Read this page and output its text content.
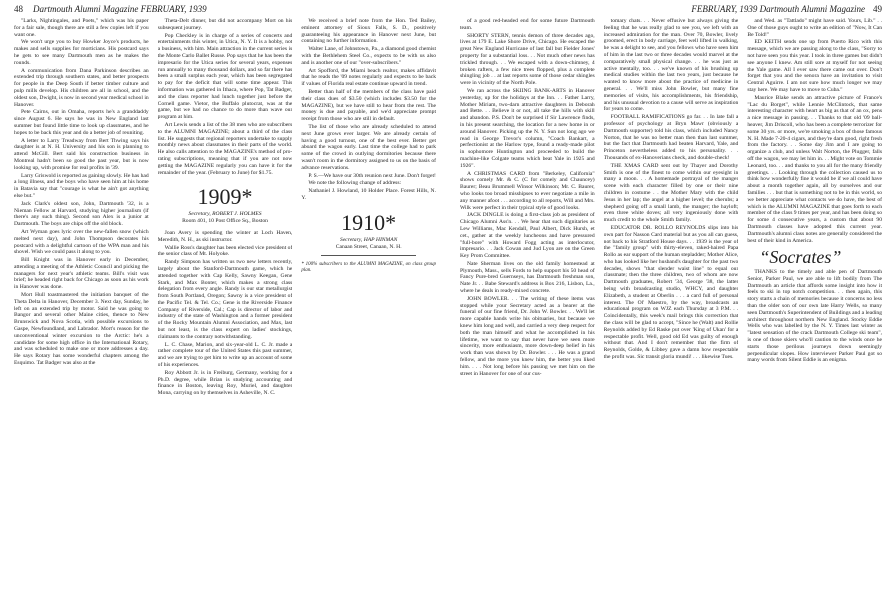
48 Dartmouth Alumni Magazine FEBRUARY, 1939

"Larks, Nightingales, and Poets," which was his paper for a fair sale, though there are still a few copies left if you want one.

We won't urge you to buy Howker Joyce's products, he makes and sells supplies for morticians. His postcard says he gets to see many Dartmouth men as he makes the rounds.

A communication from Dana Parkinson describes an extended trip through southern states, and better prospects for people in the Deep South if better timber culture and pulp mills develop. His children are all in school, and the oldest son, Dwight, is now in second year medical school in Hanover.

Pete Cairns, out in Omaha, reports he's a granddaddy since August 6. He says he was in New England last summer but found little time to look up classmates, and he hopes to be back this year and do a better job of reuniting.

A letter to Larry Treadway from Bert Thwing says his daughter is at N. H. University and his son is planning to attend McGill. Bert said his construction business in Montreal hadn't been so good the past year, but is now looking up, with promise for real profits in '39.

Larry Griswold is reported as gaining slowly. He has had a long illness, and the boys who have seen him at his home in Batavia say that "courage is what he ain't got anything else but."

Jack Clark's oldest son, John, Dartmouth '32, is a Nieman Fellow at Harvard, studying higher journalism (if there's any such thing). Second son Alex is a junior at Dartmouth. The boys are chips off the old block.

Art Wyman goes lyric over the new-fallen snow (which melted next day), and John Thompson decorates his postcard with a delightful cartoon of the WPA man and his shovel. Wish we could pass it along to you.

Bill Knight was in Hanover early in December, attending a meeting of the Athletic Council and picking the managers for next year's athletic teams. Bill's visit was brief; he headed right back for Chicago as soon as his work in Hanover was done.

Mort Hull toastmastered the initiation banquet of the Theta Delta in Hanover, December 3. Next day, Sunday, he left on an extended trip by motor. Said he was going to Bangor and several other Maine cities, thence to New Brunswick and Nova Scotia, with possible excursions to Gaspe, Newfoundland, and Labrador. Mort's reason for the unconventional winter excursion to the Arctic: he's a candidate for some high office in the International Rotary, and was scheduled to make one or more addresses a day. He says Rotary has some wonderful chapters among the Esquimo. Tat Badger was also at the

Theta-Delt dinner, but did not accompany Mort on his subsequent journey.

Pop Checkley is in charge of a series of concerts and entertainments this winter, in Utica, N. Y. It is a hobby, not a business, with him. Main attraction in the current series is the Monte Carlo Ballet Russe. Pop says that he has been the impresario for the Utica series for several years, expenses run annually to many thousand dollars, and so far there has been a small surplus each year, which has been segregated to pay for the deficit that will some time appear. This information was gathered in Ithaca, where Pop, Tat Badger, and the class reporter had lunch together just before the Cornell game. Vietor, the Buffalo plutocrat, was at the game, but we had no chance to do more than wave our program at him.

Art Lewis sends a list of the 38 men who are subscribers to the ALUMNI MAGAZINE; about a third of the class list. He suggests that regional reporters undertake to supply monthly news about classmates in their parts of the world. He also calls attention to the MAGAZINE's method of pro-rating subscriptions, meaning that if you are not now getting the MAGAZINE regularly you can have it for the remainder of the year. (February to June) for $1.75.

1909*
Secretary, ROBERT J. HOLMES
Room 401, 10 Post Office Sq., Boston

Joan Avery is spending the winter at Loch Haven, Meredith, N. H., as ski instructor.

Wallie Ross's daughter has been elected vice president of the senior class of Mt. Holyoke.

Randy Simpson has written us two new letters recently, largely about the Stanford-Dartmouth game, which he attended together with Cap Kelly, Sawny Keegan, Gene Stark, and Max Bonter, which makes a strong class delegation from every angle. Randy is our star metallurgist from South Portland, Oregon; Sawny is a vice president of the Pacific Tel. & Tel. Co.; Gene is the Riverside Finance Company of Riverside, Cal.; Cap is director of labor and industry of the state of Washington and a former president of the Rocky Mountain Alumni Association, and Max, last but not least, is the class expert on ladies' stockings, claimants to the contrary notwithstanding.

L. C. Chase, Marion, and six-year-old L. C. Jr. made a rather complete tour of the United States this past summer, and we are trying to get him to write up an account of some of his experiences.

Roy Abbott Jr. is in Freiburg, Germany, working for a Ph.D. degree, while Brian is studying accounting and finance in Boston, leaving Roy, Muriel, and daughter Mona, carrying on by themselves in Asheville, N. C.

We received a brief note from the Hon. Ted Bailey, eminent attorney of Sioux Falls, S. D., positively guaranteeing his appearance in Hanover next June, but containing no further information.

Walter Lane, of Johnstown, Pa., a diamond good chemist with the Bethlehem Steel Co., expects to be with us also and is another one of our "over-subscribers."

Art Spofford, the Miami beach realtor, makes affidavit that he reads the '09 notes regularly and expects to be back if values of Florida real estate continue upward in trend.

Better than half of the members of the class have paid their class dues of $3.50 (which includes $3.50 for the MAGAZINE), but we have still to hear from the rest. The money is due and payable, and we'd appreciate prompt receipt from those who are still in default.

The list of those who are already scheduled to attend next June grows ever larger. We are already certain of having a good turnout, one of the best ever. Better get aboard the wagon early. Last time the college had to park some of the crowd in outlying dormitories because there wasn't room in the dormitory assigned to us on the basis of advance reservations.

P. S.—We have our 30th reunion next June. Don't forget!

We note the following change of address:

Nathaniel J. Howland, 10 Holder Place. Forest Hills, N. Y.

1910*
Secretary, HAP HINMAN
Canaan Street, Canaan, N. H.
* 100% subscribers to the ALUMNI MAGAZINE, on class group plan.
FEBRUARY, 1939 Dartmouth Alumni Magazine 49

of a good red-headed end for some future Dartmouth team.

SHORTY STERN, tennis demon of three decades ago, lives at 179 E. Lake Shore Drive, Chicago. He escaped the great New England Hurricane of last fall but Fielder Jones' property for a substantial loss. . . Not much other news has trickled through. . . We escaped with a down-chimney, 4 broken rafters, a few nice trees flopped, plus a complete shingling job . . at last reports some of those cedar shingles were in vicinity of the North Pole.

We ran across the SKIING BANK-ARTS in Hanover yesterday, up for the holidays at the Inn. . . Father Larry, Mother Miriam, two-darn attractive daughters in Deborah and Bette. . . Believe it or not, all take the hills with skill and abandon. P.S. Don't be surprised if Sir Lawrence finds, in his present searching, the location for a new home in or around Hanover. Picking up the N. Y. Sun not long ago we read in George Trevor's column, "Coach Bankart, a perfectionist at the Harlow type, found a ready-made pilot in sophomore Huntington and proceeded to build the machine-like Colgate teams which beat Yale in 1925 and 1926".

A CHRISTMAS CARD from "Berkeley, California" shows comely Mr. & C. (C for comely and Chauncey) Baurer; Beau Brummell Winsor Wilkinson; Mr. C. Baurer, who looks too broad misshipses to ever negotiate a mile in any manner afoot . . . according to all reports, Will and Mrs. Wilk were perfect in their typical style of good looks.

JACK DINGLE is doing a first-class job as president of Chicago Alumni Ass'n. . . We hear that such dignitaries as Lew Williams, Mac Kendall, Paul Albert, Dick Hursh, et cet., gather at the weekly luncheons and have pressured "full-bore" with Howard Fogg acting as interlocutor, impresario. . . Jack Cowan and Jud Lyon are on the Green Key Prom Committee.

Nate Sherman lives on the old family homestead at Plymouth, Mass., sells Fords to help support his 50 head of Fancy Pure-bred Guernseys, has Dartmouth freshman son, Nate Jr. . . Babe Steward's address is Box 216, Lisbon, La., where he deals in ready-mixed concrete.

JOHN BOWLER. . . The writing of these items was stopped while your Secretary acted as a bearer at the funeral of our fine friend, Dr. John W. Bowler. . . We'll let more capable hands write his obituaries, but because we knew him long and well, and carried a very deep respect for both the man himself and what he accomplished in his lifetime, we want to say that never have we seen more sincerity, more enthusiasm, more down-deep belief in his work than was shown by Dr. Bowler. . . . He was a grand fellow, and the more you knew him, the better you liked him. . . . Not long before his passing we met him on the street in Hanover for one of our cus-

tomary chats. . . Never effusive but always giving the feeling that he was really glad to see you, we left with an increased admiration for the man. Over 70, Bowler, lively groomed, erect in body carriage, feet well lifted in walking, he was a delight to see, and you fellows who have seen him of him in the last two or three decades would marvel at the comparatively small physical change. . . he was just as active mentally, too. . . we've known of his brushing up medical studies within the last two years, just because he wanted to know more about the practice of medicine in general. . . We'll miss John Bowler, but many fine memories of visits, his accomplishments, his friendship, and his unusual devotion to a cause will serve as inspiration for years to come.

FOOTBALL RAMIFICATIONS go far. . . In late fall a professor of psychology at Bryn Mawr (obviously a Dartmouth supporter) told his class, which included Nancy Norton, that he was no better man then than last summer, but the fact that Dartmouth had beaten Harvard, Yale, and Princeton nevertheless added to his personality. . . Thousands of ex-Hanoverians check, and double-check!

THE XMAS CARD sent out by Thayer and Dorothy Smith is one of the finest to come within our eyesight in many a moon. . . A homemade portrayal of the manger scene with each character filled by one or their nine children in costume . . the Mother Mary with the child Jesus in her lap; the angel at a higher level; the cherubs; a shepherd going off a small lamb, the manger; the hayloft; even three white doves; all very ingeniously done with much credit to the whole Smith family.

EDUCATOR DR. ROLLO REYNOLDS slips into his own part for Nasson Card material but as you all can guess, not back to his Stratford House days. . . 1939 is the year of the "family group" with thirty-eleven, raked-haired Papa Rollo as ear support of the human stepladder; Mother Alice, who has looked like her husband's daughter for the past two decades, shows "that slender waist line" to equal our classmate; then the three children, two of whom are now Dartmouth graduates, Robert '34, George '38, the latter being with broadcasting studio, WHCY, and daughter Elizabeth, a student at Oberlin . . . a card full of personal interest. The Ol' Maestro, by the way, broadcasts an educational program on WJZ each Thursday at 3 P.M. . . Coincidentally, this week's mail brings this correction that the class will be glad to accept, "Since he (Walt) and Rollie Reynolds added by Ed Raske put over 'King of Ukan' for a respectable profit. Well, good old Ed was guilty of enough without that. And I don't remember that the firm of Reynolds, Golde, & Libbey gave a damn how respectable the profit was. Sic transit gloria mundi! . . . likewise Tues.

and Wed. as "Tattlado" might have said. Yours, Lib." . . One of those guys ought to write an edition of "Now, It Can Be Told!"

ED KEITH sends one up from Puerto Rico with this message, which we are passing along to the class, "Sorry to not have seen you this year. I took in three games but didn't see anyone I knew. Am still sore at myself for not seeing the Yale game. All I ever saw there came out over. Don't forget that you and the senora have an invitation to visit Central Aguirre. I am not sure how much longer we may stay here. We may have to move to Cuba."

Maurice Blake sends an attractive picture of France's "Lac du Borget", while Lennie McClintock, that same interesting character with heart as big as that of an ox, pens a nice message in passing. . . Thanks to that old '09 ball-heaver, Jim Driscoll, who has been a complete terrorizer for some 30 yrs. or more, we're smoking a box of those famous N. H. Made 7-20-4 cigars, and they're darn good, right fresh from the factory. . . Some day Jim and I are going to organize a club, and unless Walt Norton, the Plugger, falls off the wagon, we may let him in. . . Might vote on Tommie Leonard, too. . . and thanks to you all for the many friendly greetings. . . Looking through the collection caused us to think how wonderfully fine it would be if we all could have about a month together again, all by ourselves and our families . . . but that is something not to be in this world, so we better appreciate what contacts we do have, the best of which is the ALUMNI MAGAZINE that goes forth to each member of the class 9 times per year, and has been doing so for some 4 consecutive years, a custom that about 90 Dartmouth classes have adopted this current year. Dartmouth's alumni class notes are generally considered the best of their kind in America.

“Socrates”

THANKS to the timely and able pen of Dartmouth Senior, Parker Paul, we are able to lift bodily from The Dartmouth an article that affords some insight into how it feels to ski in top notch competition. . . then again, this story starts a chain of memories because it concerns no less than the older son of our own late Harry Wells, so many seen Dartmouth's Superintendent of Buildings and a leading architect throughout northern New England. Stocky Eddie Wells who was labelled by the N. Y. Times last winter as "latest sensation of the crack Dartmouth College ski team", is one of those skiers who'll caution to the winds once he starts those perilous journeys down seemingly perpendicular slopes. How interviewer Parker Paul got so many words from Silent Eddie is an enigma.
